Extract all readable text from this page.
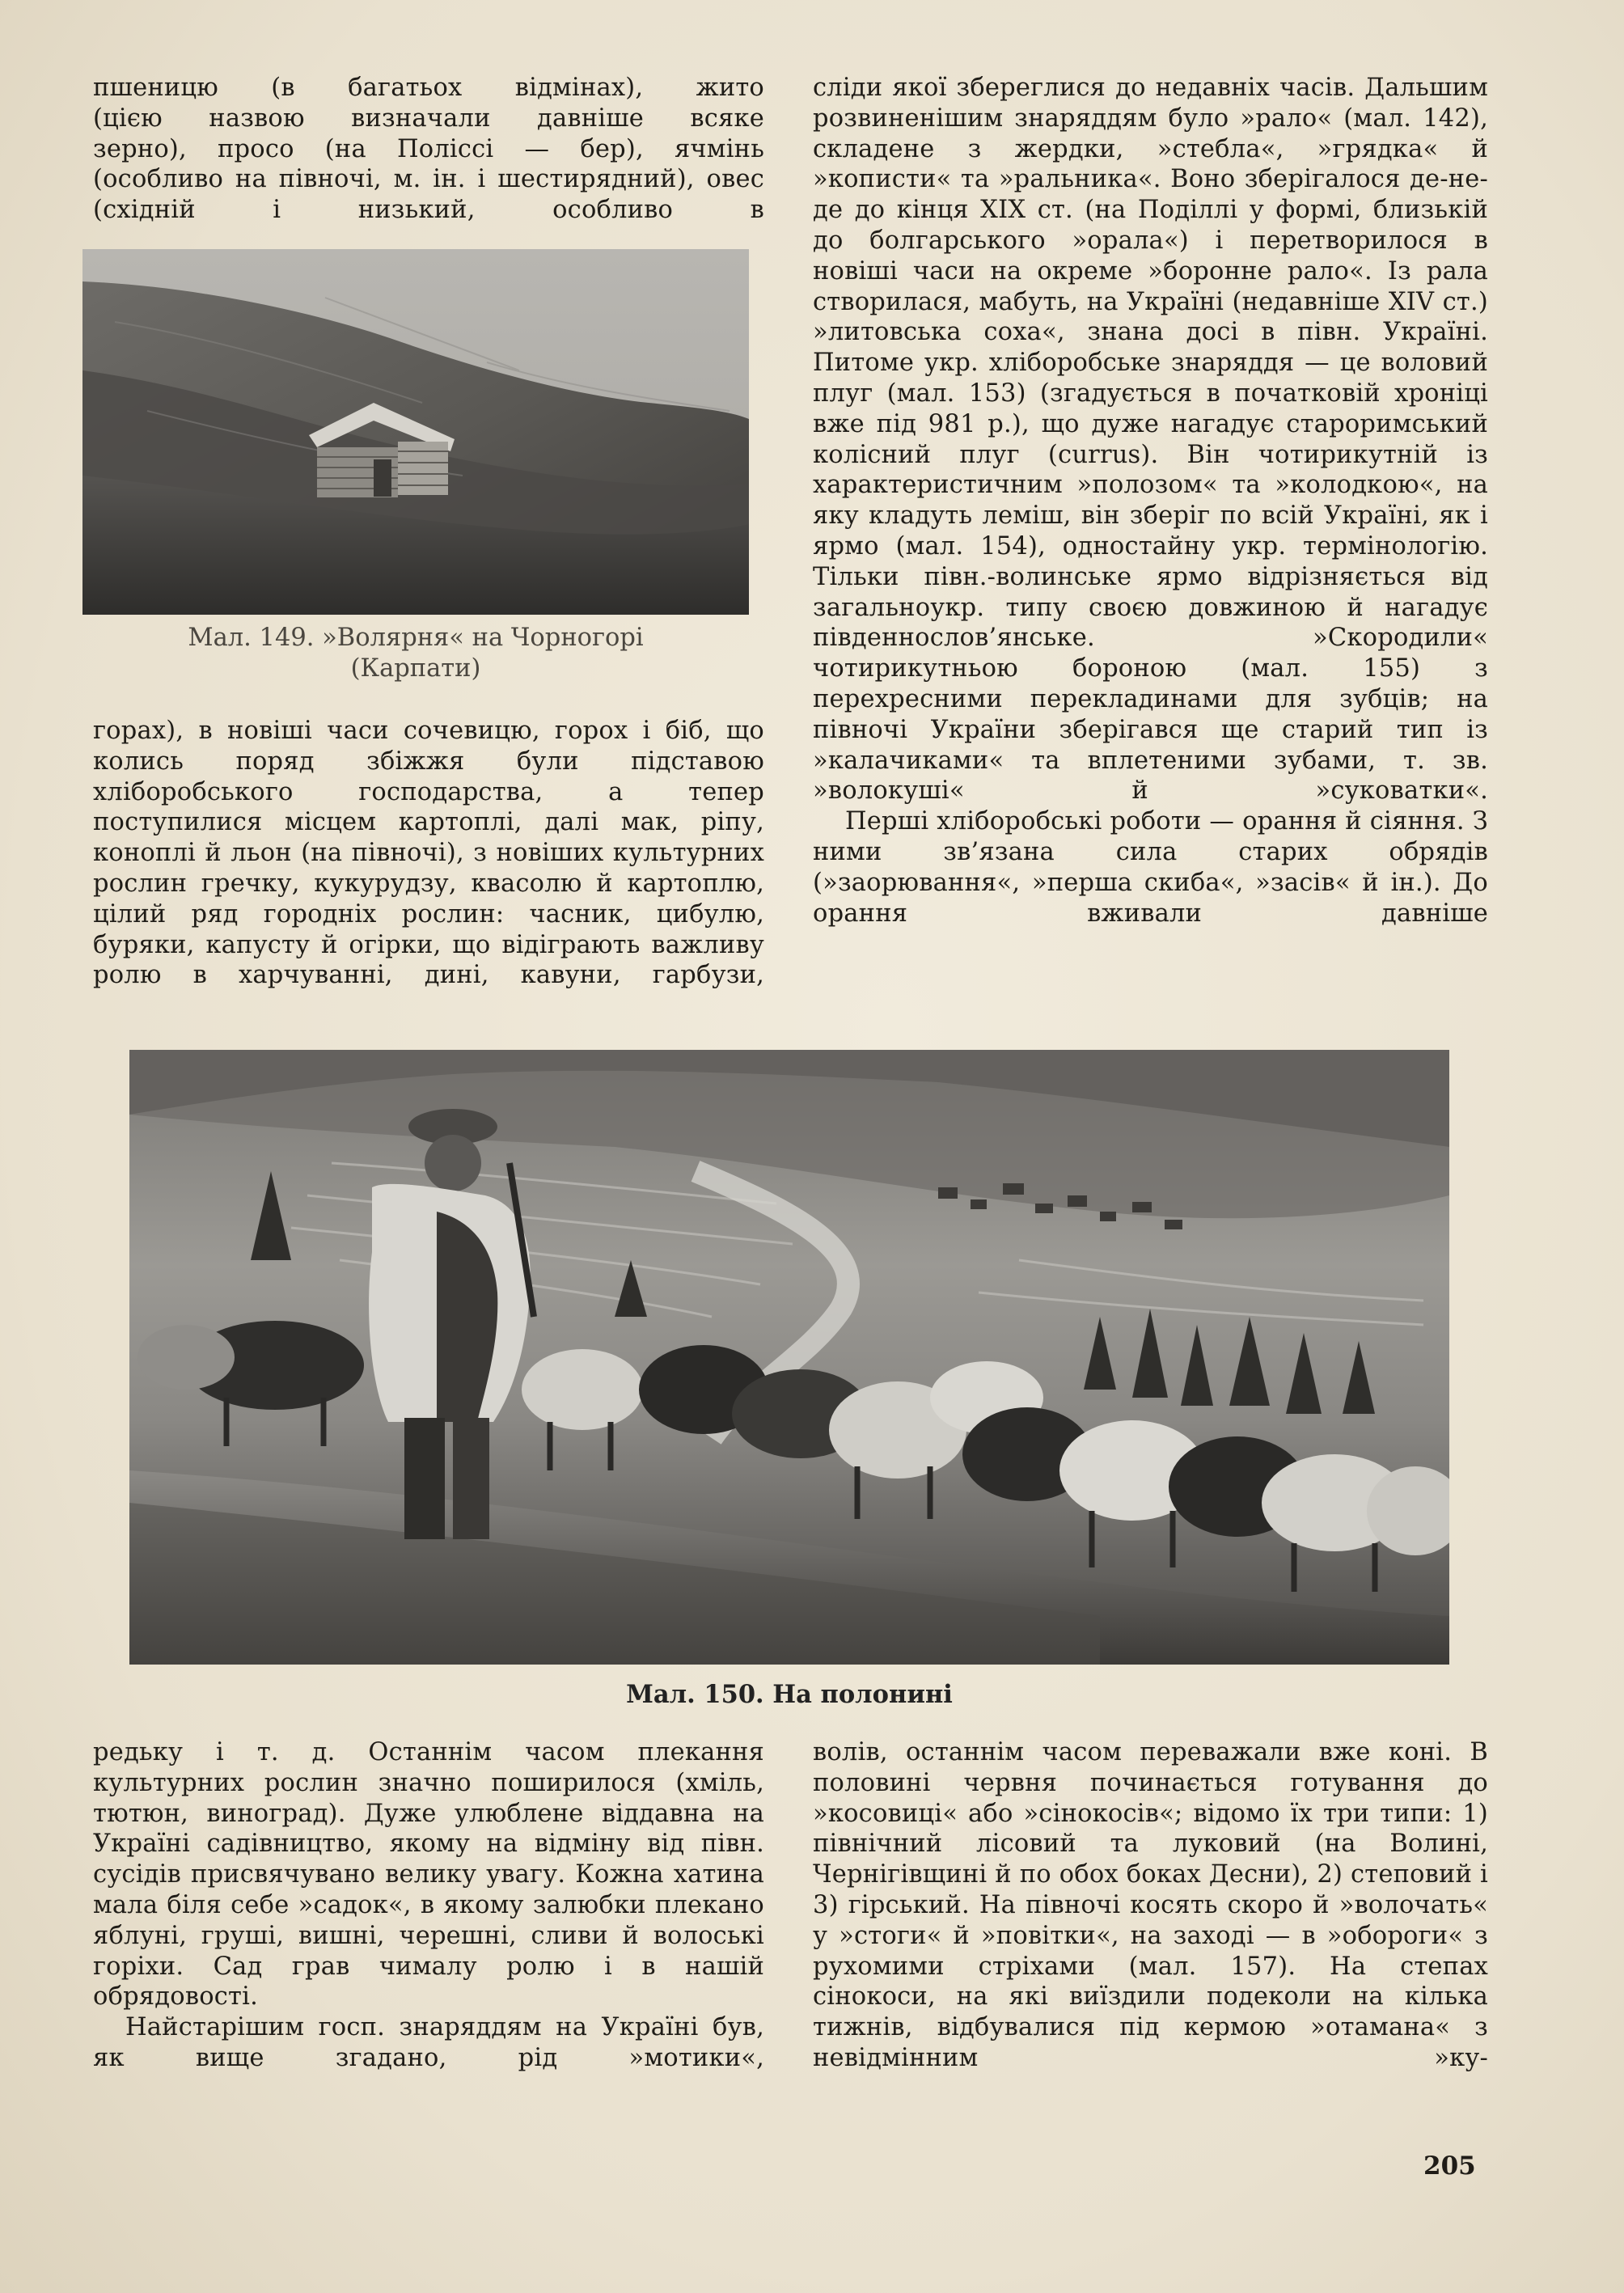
пшеницю (в багатьох відмінах), жито

(цією назвою визначали давніше всяке

зерно), просо (на Поліссі — бер), ячмінь

(особливо на півночі, м. ін. і шестирядний), овес (східній і низький, особливо в

Мал. 149. »Волярня« на Чорногорі
(Карпати)

горах), в новіші часи сочевицю, горох і біб, що колись поряд збіжжя були підставою хліборобського господарства, а тепер поступилися місцем картоплі, далі мак, ріпу, коноплі й льон (на півночі), з новіших культурних рослин гречку, кукурудзу, квасолю й картоплю, цілий ряд городніх рослин: часник, цибулю, буряки, капусту й огірки, що відіграють важливу ролю в харчуванні, дині, кавуни, гарбузи,

сліди якої збереглися до недавніх часів. Дальшим розвиненішим знаряддям було »рало« (мал. 142), складене з жердки, »стебла«, »грядка« й »кописти« та »ральника«. Воно зберігалося де-не-де до кінця XIX ст. (на Поділлі у формі, близькій до болгарського »орала«) і перетворилося в новіші часи на окреме »боронне рало«. Із рала створилася, мабуть, на Україні (недавніше XIV ст.) »литовська соха«, знана досі в півн. Україні. Питоме укр. хліборобське знаряддя — це воловий плуг (мал. 153) (згадується в початковій хроніці вже під 981 р.), що дуже нагадує староримський колісний плуг (currus). Він чотирикутній із характеристичним »полозом« та »колодкою«, на яку кладуть леміш, він зберіг по всій Україні, як і ярмо (мал. 154), одностайну укр. термінологію. Тільки півн.-волинське ярмо відрізняється від загальноукр. типу своєю довжиною й нагадує південнослов’янське. »Скородили« чотирикутньою бороною (мал. 155) з перехресними перекладинами для зубців; на півночі України зберігався ще старий тип із »калачиками« та вплетеними зубами, т. зв. »волокуші« й »суковатки«.

Перші хліборобські роботи — орання й сіяння. З ними зв’язана сила старих обрядів (»заорювання«, »перша скиба«, »засів« й ін.). До орання вживали давніше

Мал. 150. На полонині

редьку і т. д. Останнім часом плекання культурних рослин значно поширилося (хміль, тютюн, виноград). Дуже улюблене віддавна на Україні садівництво, якому на відміну від півн. сусідів присвячувано велику увагу. Кожна хатина мала біля себе »садок«, в якому залюбки плекано яблуні, груші, вишні, черешні, сливи й волоські горіхи. Сад грав чималу ролю і в нашій обрядовості.

Найстарішим госп. знаряддям на Україні був, як вище згадано, рід »мотики«,

волів, останнім часом переважали вже коні. В половині червня починається готування до »косовиці« або »сінокосів«; відомо їх три типи: 1) північний лісовий та луковий (на Волині, Чернігівщині й по обох боках Десни), 2) степовий і 3) гірський. На півночі косять скоро й »волочать« у »стоги« й »повітки«, на заході — в »обороги« з рухомими стріхами (мал. 157). На степах сінокоси, на які виїздили подеколи на кілька тижнів, відбувалися під кермою »отамана« з невідмінним »ку-

205
